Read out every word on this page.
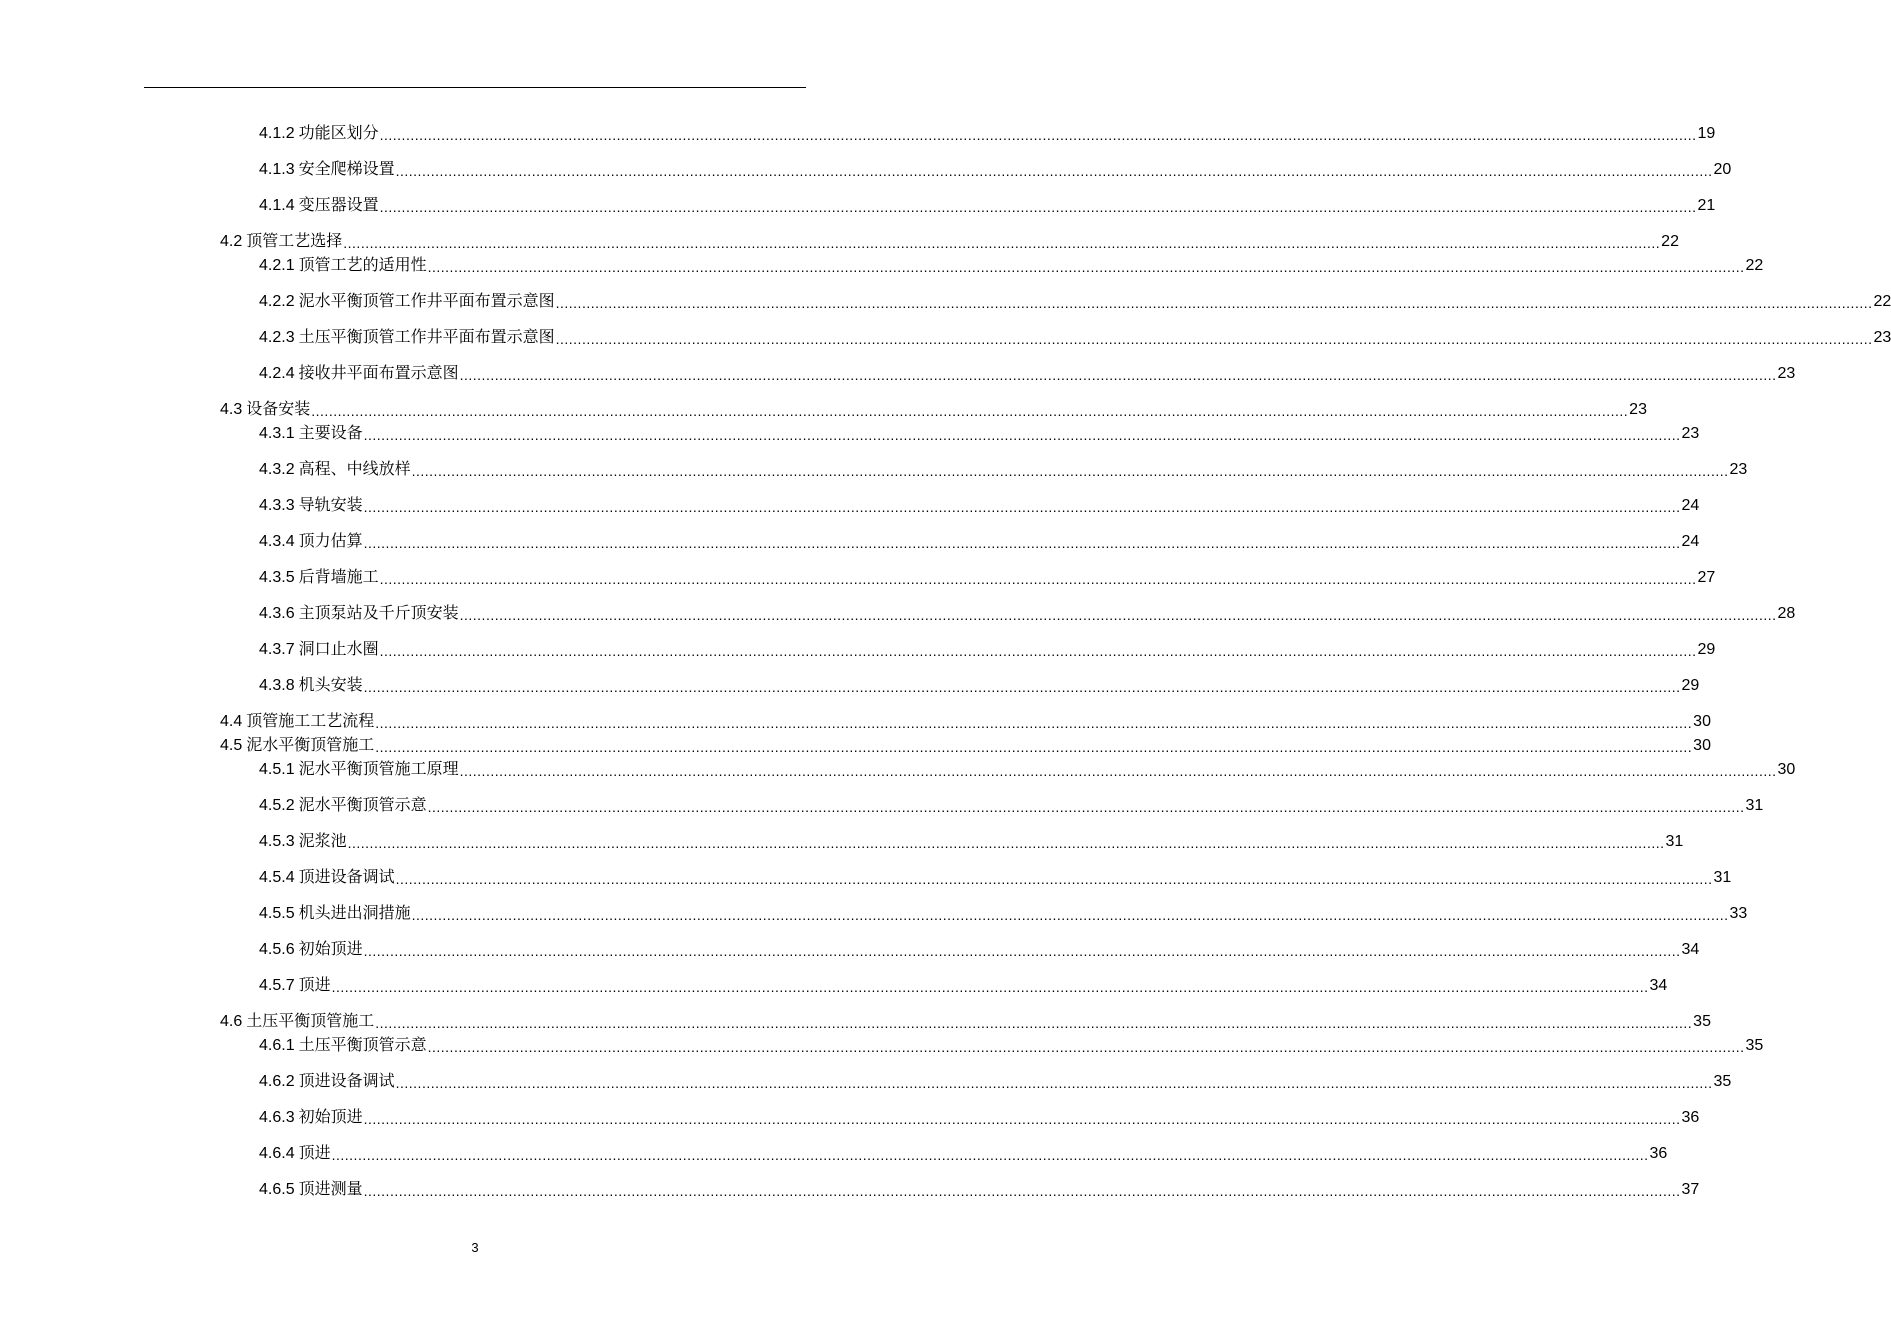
4.1.2 功能区划分 ............................................................................................................................................................................................................................................................................................................ 19
4.1.3 安全爬梯设置 ............................................................................................................................................................................................................................................................................................................ 20
4.1.4 变压器设置 ............................................................................................................................................................................................................................................................................................................ 21
4.2 顶管工艺选择 ............................................................................................................................................................................................................................................................................................................ 22
4.2.1 顶管工艺的适用性 ............................................................................................................................................................................................................................................................................................................ 22
4.2.2 泥水平衡顶管工作井平面布置示意图 ............................................................................................................................................................................................................................................................................................................ 22
4.2.3 土压平衡顶管工作井平面布置示意图 ............................................................................................................................................................................................................................................................................................................ 23
4.2.4 接收井平面布置示意图 ............................................................................................................................................................................................................................................................................................................ 23
4.3 设备安装 ............................................................................................................................................................................................................................................................................................................ 23
4.3.1 主要设备 ............................................................................................................................................................................................................................................................................................................ 23
4.3.2 高程、中线放样 ............................................................................................................................................................................................................................................................................................................ 23
4.3.3 导轨安装 ............................................................................................................................................................................................................................................................................................................ 24
4.3.4 顶力估算 ............................................................................................................................................................................................................................................................................................................ 24
4.3.5 后背墙施工 ............................................................................................................................................................................................................................................................................................................ 27
4.3.6 主顶泵站及千斤顶安装 ............................................................................................................................................................................................................................................................................................................ 28
4.3.7 洞口止水圈 ............................................................................................................................................................................................................................................................................................................ 29
4.3.8 机头安装 ............................................................................................................................................................................................................................................................................................................ 29
4.4 顶管施工工艺流程 ............................................................................................................................................................................................................................................................................................................ 30
4.5 泥水平衡顶管施工 ............................................................................................................................................................................................................................................................................................................ 30
4.5.1 泥水平衡顶管施工原理 ............................................................................................................................................................................................................................................................................................................ 30
4.5.2 泥水平衡顶管示意 ............................................................................................................................................................................................................................................................................................................ 31
4.5.3 泥浆池 ............................................................................................................................................................................................................................................................................................................ 31
4.5.4 顶进设备调试 ............................................................................................................................................................................................................................................................................................................ 31
4.5.5 机头进出洞措施 ............................................................................................................................................................................................................................................................................................................ 33
4.5.6 初始顶进 ............................................................................................................................................................................................................................................................................................................ 34
4.5.7 顶进 ............................................................................................................................................................................................................................................................................................................ 34
4.6 土压平衡顶管施工 ............................................................................................................................................................................................................................................................................................................ 35
4.6.1 土压平衡顶管示意 ............................................................................................................................................................................................................................................................................................................ 35
4.6.2 顶进设备调试 ............................................................................................................................................................................................................................................................................................................ 35
4.6.3 初始顶进 ............................................................................................................................................................................................................................................................................................................ 36
4.6.4 顶进 ............................................................................................................................................................................................................................................................................................................ 36
4.6.5 顶进测量 ............................................................................................................................................................................................................................................................................................................ 37
3
